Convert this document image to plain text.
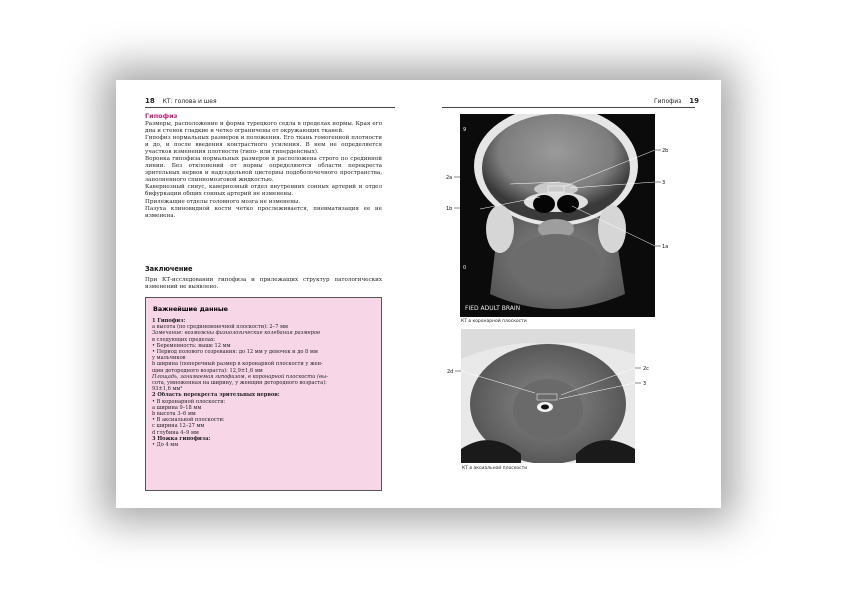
18 КТ: голова и шея
Гипофиз

Размеры, расположение и форма турецкого седла в пределах нормы. Края его дна и стенок гладкие и четко ограничены от окружающих тканей.

Гипофиз нормальных размеров и положения. Его ткань гомогенной плотности и до, и после введения контрастного усиления. В нем не определяется участков изменения плотности (гипо- или гиперденсных).

Воронка гипофиза нормальных размеров и расположена строго по срединной линии. Без отклонений от нормы определяются области перекреста зрительных нервов и надседельной цистерны подоболочечного пространства, заполненного спинномозговой жидкостью.

Кавернозный синус, кавернозный отдел внутренних сонных артерий и отдел бифуркации общих сонных артерий не изменены.

Прилежащие отделы головного мозга не изменены.

Пазуха клиновидной кости четко прослеживается, пневматизация ее не изменена.

Заключение
При КТ-исследовании гипофиза и прилежащих структур патологических изменений не выявлено.
Важнейшие данные
1 Гипофиз:
a высота (по срединевенечной плоскости): 2–7 мм
Замечание: возможны физиологические колебания размеров
в следующих пределах:
• Беременность: выше 12 мм
• Период полового созревания: до 12 мм у девочек и до 8 мм
у мальчиков
b ширина (поперечный размер в коронарной плоскости у жен-
щин детородного возраста): 12,9±1,6 мм
Площадь, занимаемая гипофизом, в коронарной плоскости (вы-
сота, умноженная на ширину, у женщин детородного возраста):
93±1,6 мм²
2 Область перекреста зрительных нервов:
• В коронарной плоскости:
a ширина 9–18 мм
b высота 3–6 мм
• В аксиальной плоскости:
c ширина 12–27 мм
d глубина 4–9 мм
3 Ножка гипофиза:
• До 4 мм
Гипофиз 19
9
0
FIED ADULT BRAIN
2b
2a
3
1b
1a
КТ в коронарной плоскости
2c
2d
3
КТ в аксиальной плоскости
